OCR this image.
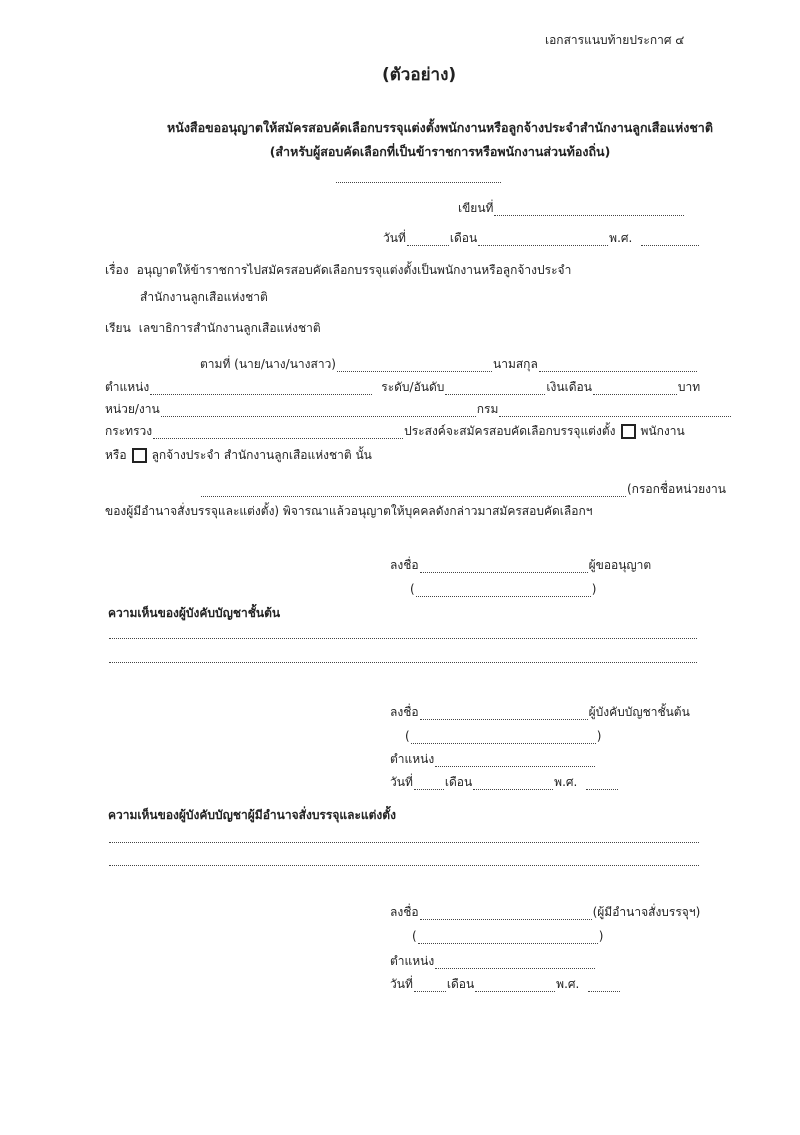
เอกสารแนบท้ายประกาศ ๔
(ตัวอย่าง)
หนังสือขออนุญาตให้สมัครสอบคัดเลือกบรรจุแต่งตั้งพนักงานหรือลูกจ้างประจำสำนักงานลูกเสือแห่งชาติ
(สำหรับผู้สอบคัดเลือกที่เป็นข้าราชการหรือพนักงานส่วนท้องถิ่น)
เขียนที่
วันที่	เดือน	พ.ศ.
เรื่อง อนุญาตให้ข้าราชการไปสมัครสอบคัดเลือกบรรจุแต่งตั้งเป็นพนักงานหรือลูกจ้างประจำ
สำนักงานลูกเสือแห่งชาติ
เรียน เลขาธิการสำนักงานลูกเสือแห่งชาติ
ตามที่ (นาย/นาง/นางสาว)	นามสกุล
ตำแหน่ง	ระดับ/อันดับ	เงินเดือน	บาท
หน่วย/งาน	กรม
กระทรวง	ประสงค์จะสมัครสอบคัดเลือกบรรจุแต่งตั้ง พนักงาน
หรือ ลูกจ้างประจำ สำนักงานลูกเสือแห่งชาติ นั้น
(กรอกชื่อหน่วยงาน
ของผู้มีอำนาจสั่งบรรจุและแต่งตั้ง) พิจารณาแล้วอนุญาตให้บุคคลดังกล่าวมาสมัครสอบคัดเลือกฯ
ลงชื่อ	ผู้ขออนุญาต
(	)
ความเห็นของผู้บังคับบัญชาชั้นต้น
ลงชื่อ	ผู้บังคับบัญชาชั้นต้น
(	)
ตำแหน่ง
วันที่	เดือน	พ.ศ.
ความเห็นของผู้บังคับบัญชาผู้มีอำนาจสั่งบรรจุและแต่งตั้ง
ลงชื่อ	(ผู้มีอำนาจสั่งบรรจุฯ)
(	)
ตำแหน่ง
วันที่	เดือน	พ.ศ.
